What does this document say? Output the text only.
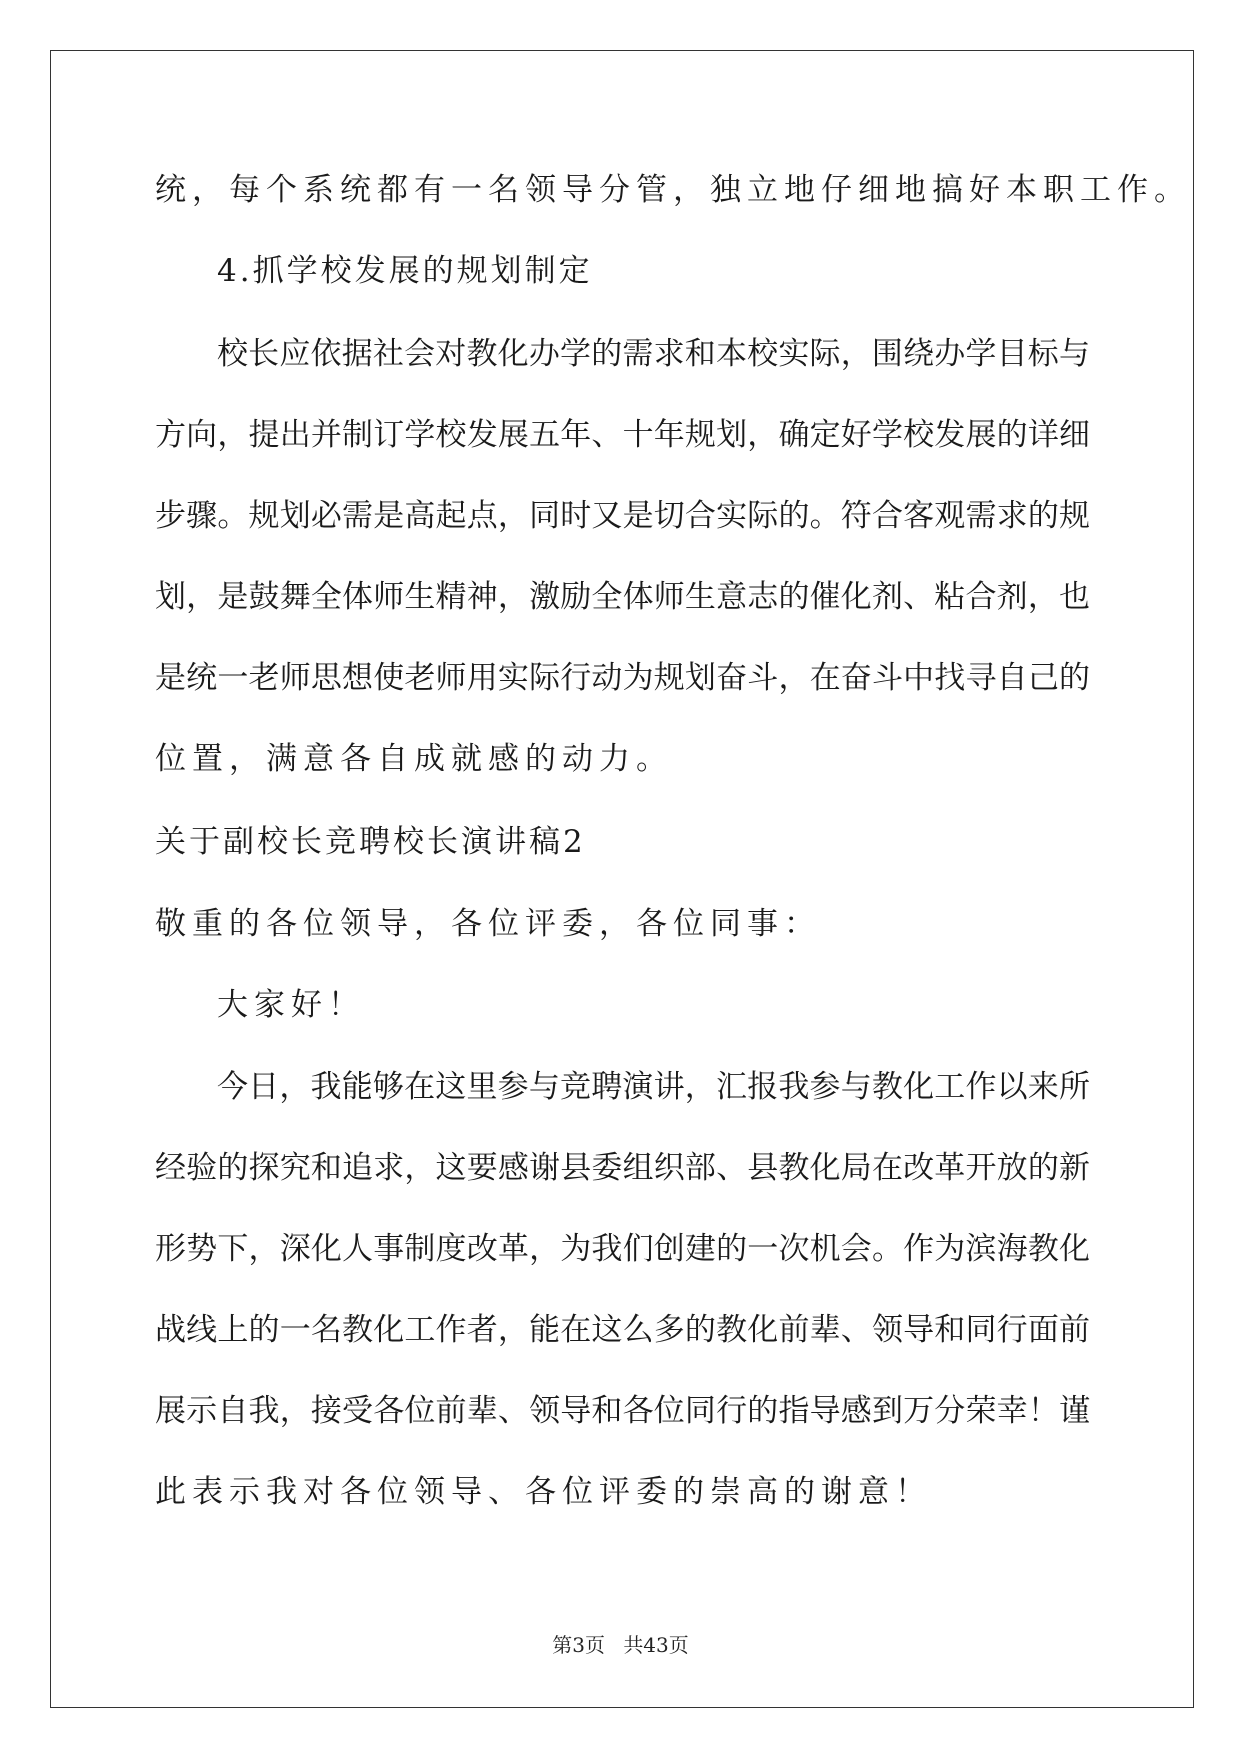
统，每个系统都有一名领导分管，独立地仔细地搞好本职工作。
4.抓学校发展的规划制定
校长应依据社会对教化办学的需求和本校实际，围绕办学目标与
方向，提出并制订学校发展五年、十年规划，确定好学校发展的详细
步骤。规划必需是高起点，同时又是切合实际的。符合客观需求的规
划，是鼓舞全体师生精神，激励全体师生意志的催化剂、粘合剂，也
是统一老师思想使老师用实际行动为规划奋斗，在奋斗中找寻自己的
位置，满意各自成就感的动力。
关于副校长竞聘校长演讲稿2
敬重的各位领导，各位评委，各位同事：
大家好！
今日，我能够在这里参与竞聘演讲，汇报我参与教化工作以来所
经验的探究和追求，这要感谢县委组织部、县教化局在改革开放的新
形势下，深化人事制度改革，为我们创建的一次机会。作为滨海教化
战线上的一名教化工作者，能在这么多的教化前辈、领导和同行面前
展示自我，接受各位前辈、领导和各位同行的指导感到万分荣幸！谨
此表示我对各位领导、各位评委的崇高的谢意！
第3页 共43页
